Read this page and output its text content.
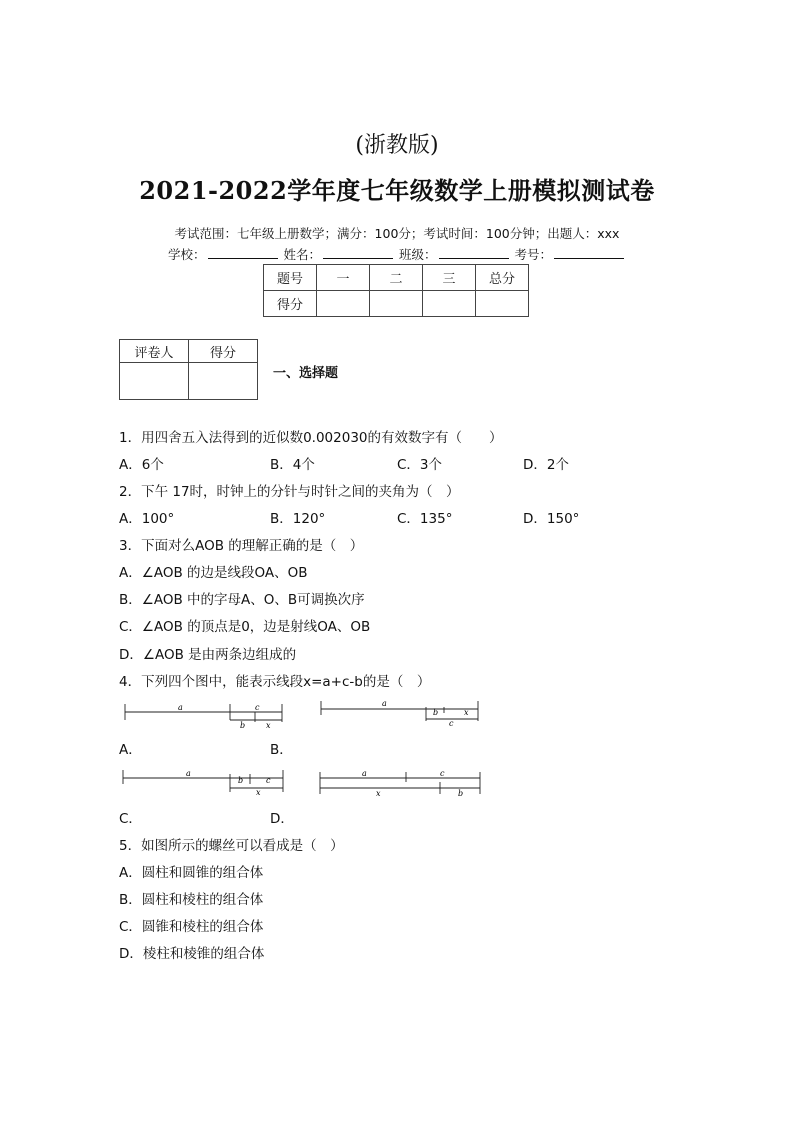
(浙教版)
2021-2022学年度七年级数学上册模拟测试卷
考试范围：七年级上册数学；满分：100分；考试时间：100分钟；出题人：xxx
学校：	姓名：	班级：	考号：
题号	一	二	三	总分
得分				
评卷人	得分

一、选择题
1．用四舍五入法得到的近似数0.002030的有效数字有（　　）
A．6个	B．4个	C．3个	D．2个
2．下午 17时，时钟上的分针与时针之间的夹角为（　）
A．100°	B．120°	C．135°	D．150°
3．下面对么AOB 的理解正确的是（　）
A．∠AOB 的边是线段OA、OB
B．∠AOB 中的字母A、O、B可调换次序
C．∠AOB 的顶点是0，边是射线OA、OB
D．∠AOB 是由两条边组成的
4．下列四个图中，能表示线段x=a+c-b的是（　）
a	c
b	x
A．
a
b	x
c
B．
a
b	c
x
C．
a	c
x	b
D．
5．如图所示的螺丝可以看成是（　）
A．圆柱和圆锥的组合体
B．圆柱和棱柱的组合体
C．圆锥和棱柱的组合体
D．棱柱和棱锥的组合体
